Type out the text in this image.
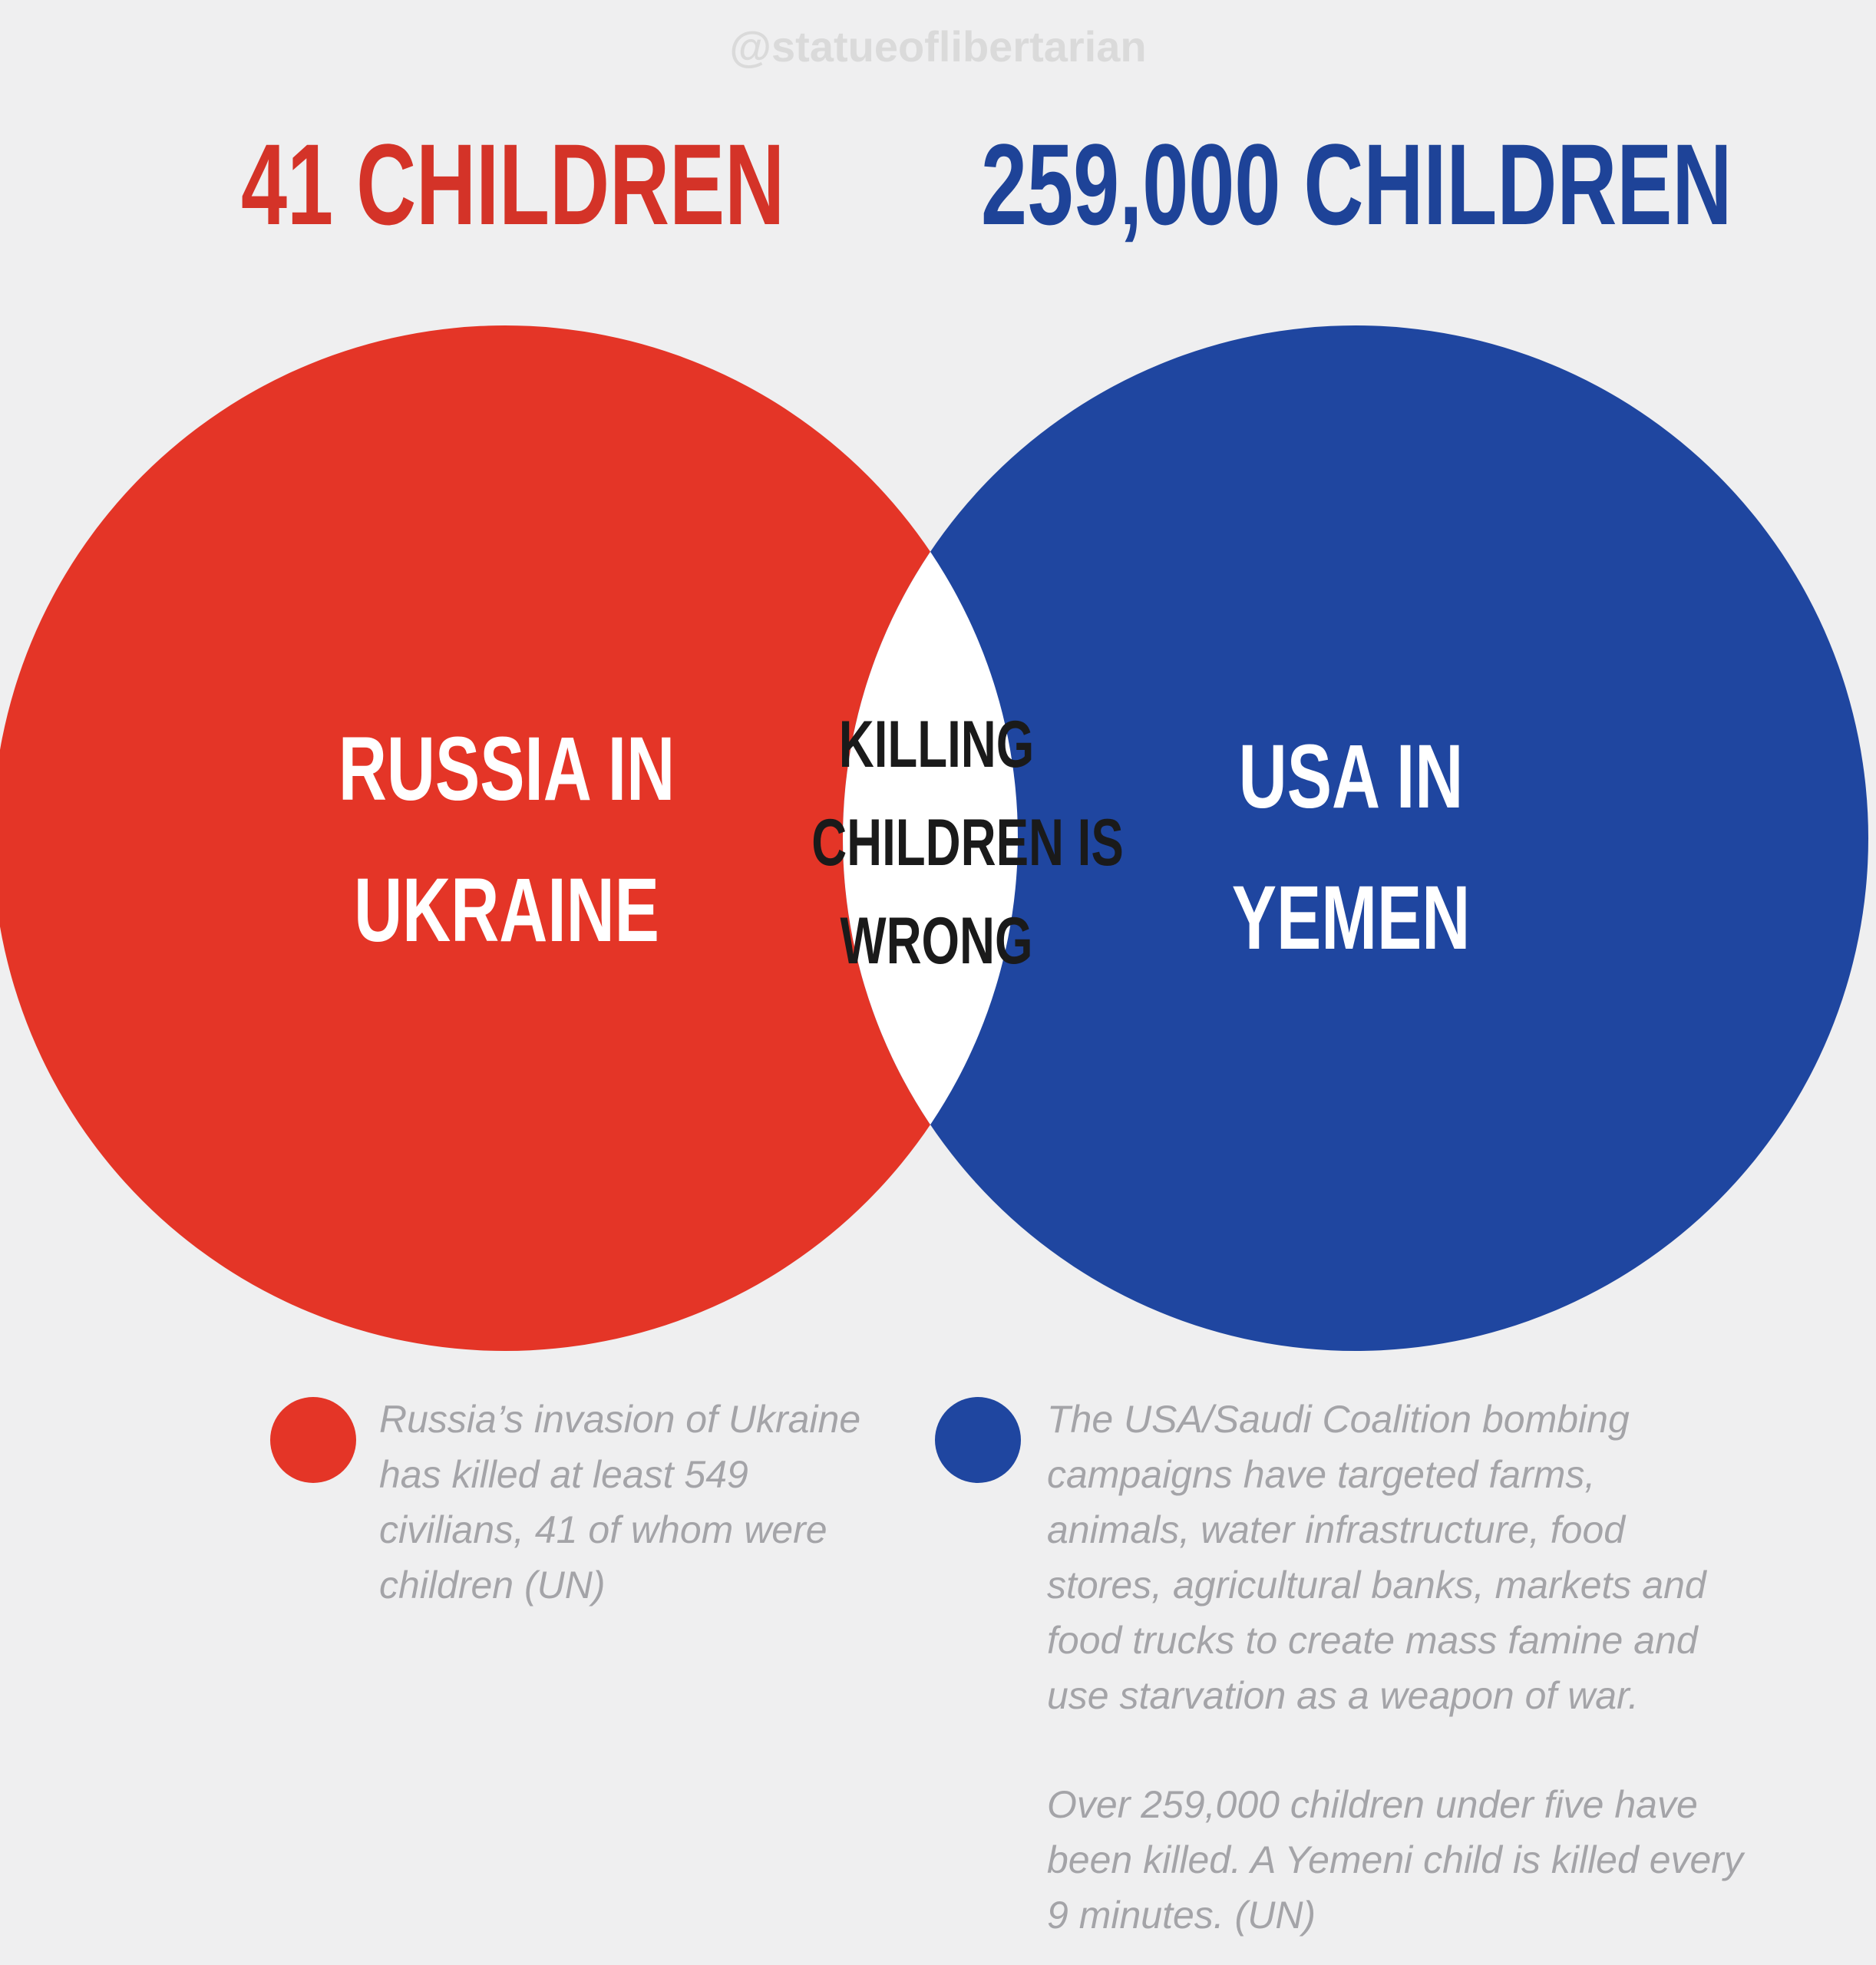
@statueoflibertarian
41 CHILDREN 259,000 CHILDREN
RUSSIA IN
UKRAINE
KILLING
CHILDREN IS
WRONG
USA IN
YEMEN
Russia’s invasion of Ukraine
has killed at least 549
civilians, 41 of whom were
children (UN)
The USA/Saudi Coalition bombing
campaigns have targeted farms,
animals, water infrastructure, food
stores, agricultural banks, markets and
food trucks to create mass famine and
use starvation as a weapon of war.
Over 259,000 children under five have
been killed. A Yemeni child is killed every
9 minutes. (UN)
